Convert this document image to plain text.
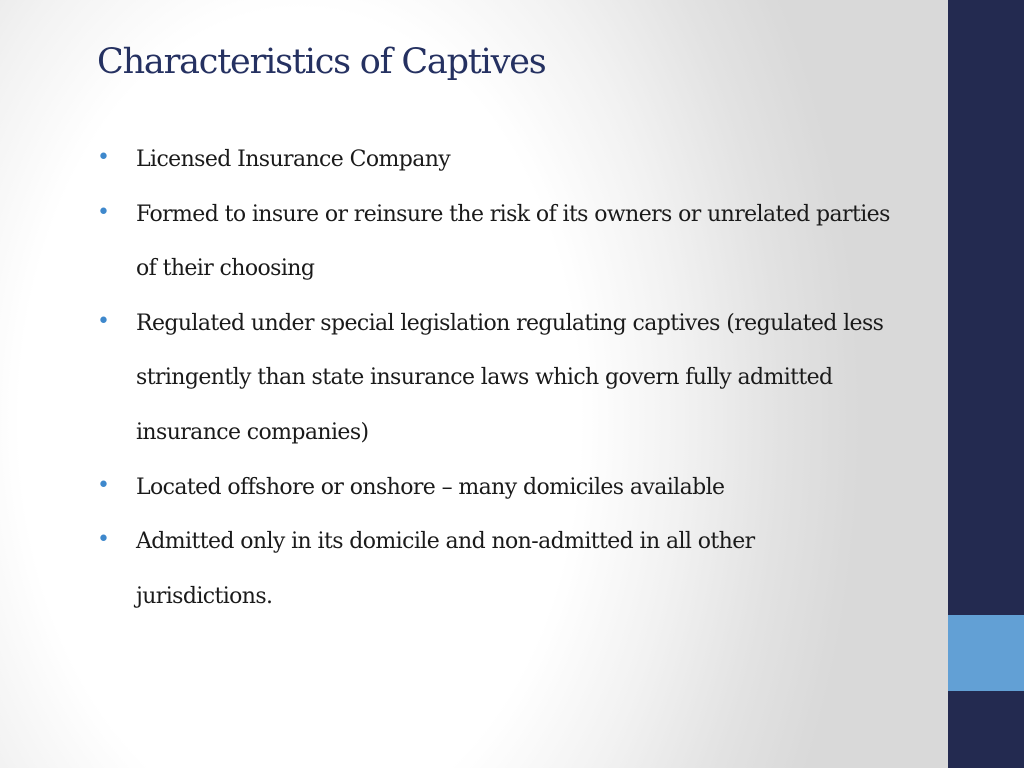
Characteristics of Captives
• Licensed Insurance Company
• Formed to insure or reinsure the risk of its owners or unrelated parties of their choosing
• Regulated under special legislation regulating captives (regulated less stringently than state insurance laws which govern fully admitted insurance companies)
• Located offshore or onshore – many domiciles available
• Admitted only in its domicile and non-admitted in all other jurisdictions.
